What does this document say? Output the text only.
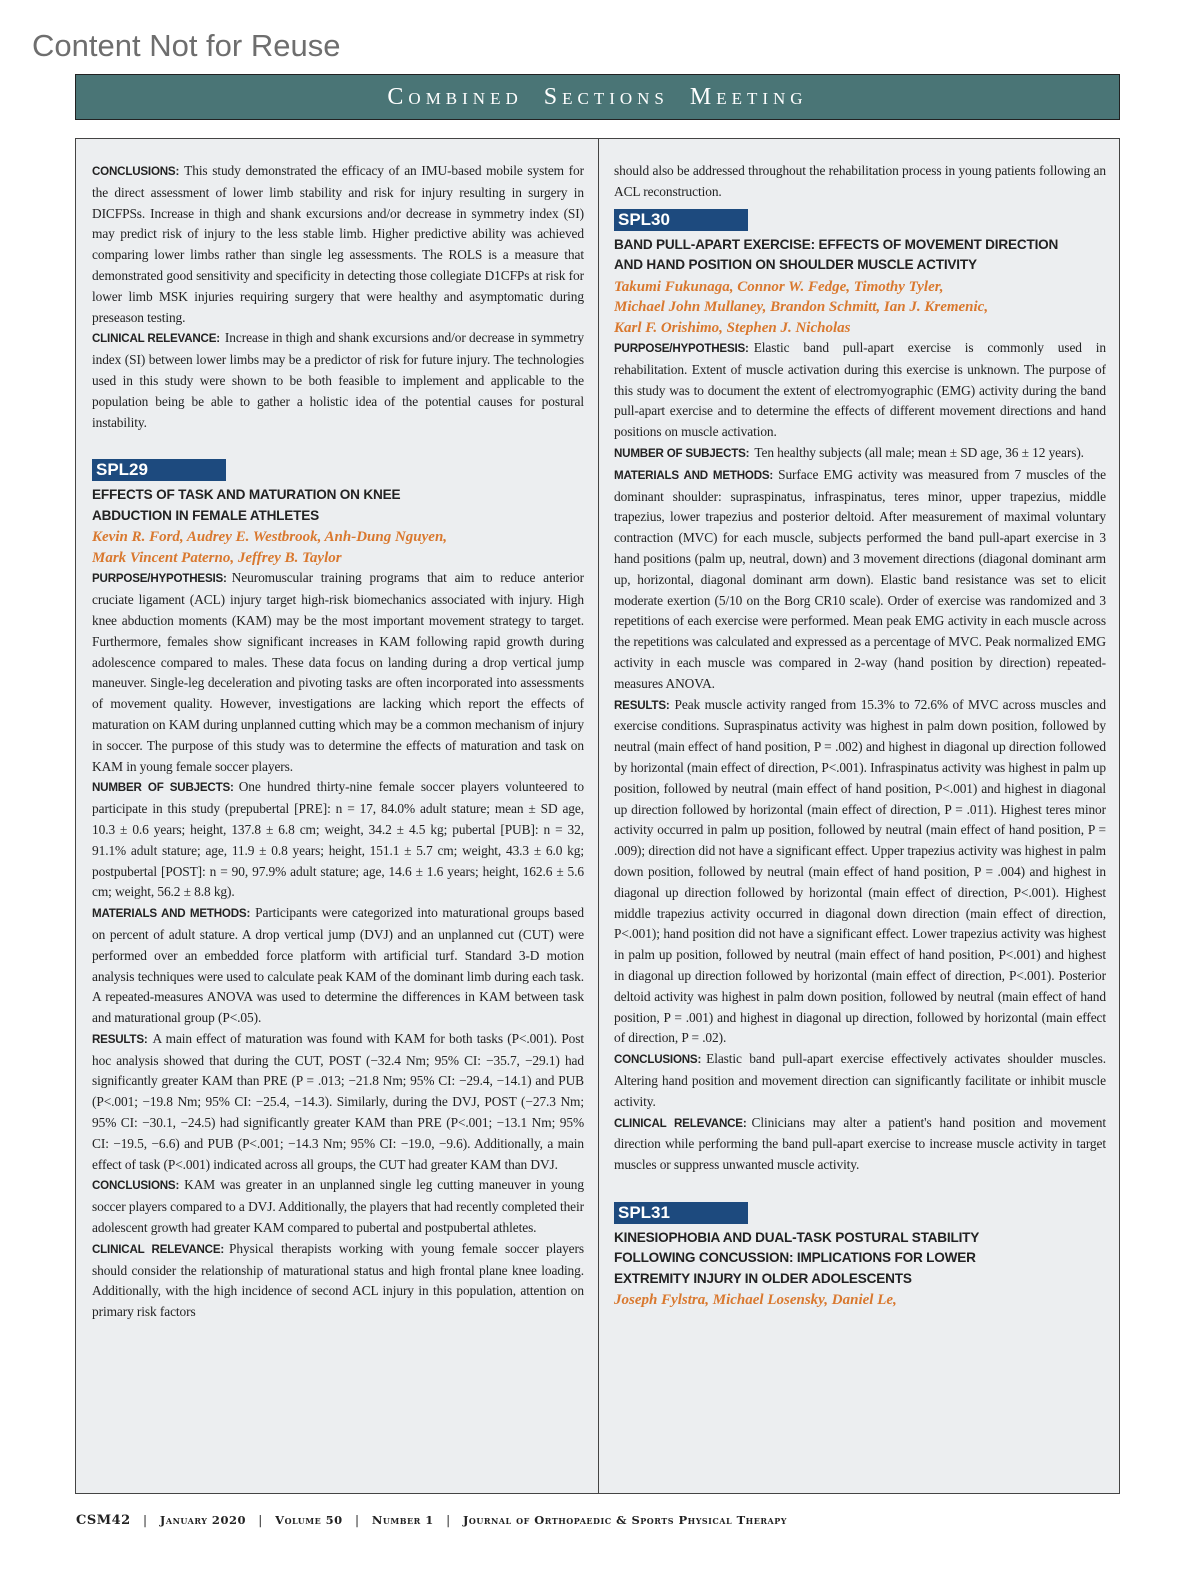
Content Not for Reuse
Combined Sections Meeting

CONCLUSIONS: This study demonstrated the efficacy of an IMU-based mobile system for the direct assessment of lower limb stability and risk for injury resulting in surgery in DICFPSs. Increase in thigh and shank excursions and/or decrease in symmetry index (SI) may predict risk of injury to the less stable limb. Higher predictive ability was achieved comparing lower limbs rather than single leg assessments. The ROLS is a measure that demonstrated good sensitivity and specificity in detecting those collegiate D1CFPs at risk for lower limb MSK injuries requiring surgery that were healthy and asymptomatic during preseason testing.

CLINICAL RELEVANCE: Increase in thigh and shank excursions and/or decrease in symmetry index (SI) between lower limbs may be a predictor of risk for future injury. The technologies used in this study were shown to be both feasible to implement and applicable to the population being be able to gather a holistic idea of the potential causes for postural instability.

SPL29
EFFECTS OF TASK AND MATURATION ON KNEE
ABDUCTION IN FEMALE ATHLETES
Kevin R. Ford, Audrey E. Westbrook, Anh-Dung Nguyen,
Mark Vincent Paterno, Jeffrey B. Taylor

PURPOSE/HYPOTHESIS: Neuromuscular training programs that aim to reduce anterior cruciate ligament (ACL) injury target high-risk biomechanics associated with injury. High knee abduction moments (KAM) may be the most important movement strategy to target. Furthermore, females show significant increases in KAM following rapid growth during adolescence compared to males. These data focus on landing during a drop vertical jump maneuver. Single-leg deceleration and pivoting tasks are often incorporated into assessments of movement quality. However, investigations are lacking which report the effects of maturation on KAM during unplanned cutting which may be a common mechanism of injury in soccer. The purpose of this study was to determine the effects of maturation and task on KAM in young female soccer players.

NUMBER OF SUBJECTS: One hundred thirty-nine female soccer players volunteered to participate in this study (prepubertal [PRE]: n = 17, 84.0% adult stature; mean ± SD age, 10.3 ± 0.6 years; height, 137.8 ± 6.8 cm; weight, 34.2 ± 4.5 kg; pubertal [PUB]: n = 32, 91.1% adult stature; age, 11.9 ± 0.8 years; height, 151.1 ± 5.7 cm; weight, 43.3 ± 6.0 kg; postpubertal [POST]: n = 90, 97.9% adult stature; age, 14.6 ± 1.6 years; height, 162.6 ± 5.6 cm; weight, 56.2 ± 8.8 kg).

MATERIALS AND METHODS: Participants were categorized into maturational groups based on percent of adult stature. A drop vertical jump (DVJ) and an unplanned cut (CUT) were performed over an embedded force platform with artificial turf. Standard 3-D motion analysis techniques were used to calculate peak KAM of the dominant limb during each task. A repeated-measures ANOVA was used to determine the differences in KAM between task and maturational group (P<.05).

RESULTS: A main effect of maturation was found with KAM for both tasks (P<.001). Post hoc analysis showed that during the CUT, POST (−32.4 Nm; 95% CI: −35.7, −29.1) had significantly greater KAM than PRE (P = .013; −21.8 Nm; 95% CI: −29.4, −14.1) and PUB (P<.001; −19.8 Nm; 95% CI: −25.4, −14.3). Similarly, during the DVJ, POST (−27.3 Nm; 95% CI: −30.1, −24.5) had significantly greater KAM than PRE (P<.001; −13.1 Nm; 95% CI: −19.5, −6.6) and PUB (P<.001; −14.3 Nm; 95% CI: −19.0, −9.6). Additionally, a main effect of task (P<.001) indicated across all groups, the CUT had greater KAM than DVJ.

CONCLUSIONS: KAM was greater in an unplanned single leg cutting maneuver in young soccer players compared to a DVJ. Additionally, the players that had recently completed their adolescent growth had greater KAM compared to pubertal and postpubertal athletes.

CLINICAL RELEVANCE: Physical therapists working with young female soccer players should consider the relationship of maturational status and high frontal plane knee loading. Additionally, with the high incidence of second ACL injury in this population, attention on primary risk factors

should also be addressed throughout the rehabilitation process in young patients following an ACL reconstruction.

SPL30
BAND PULL-APART EXERCISE: EFFECTS OF MOVEMENT DIRECTION
AND HAND POSITION ON SHOULDER MUSCLE ACTIVITY
Takumi Fukunaga, Connor W. Fedge, Timothy Tyler,
Michael John Mullaney, Brandon Schmitt, Ian J. Kremenic,
Karl F. Orishimo, Stephen J. Nicholas

PURPOSE/HYPOTHESIS: Elastic band pull-apart exercise is commonly used in rehabilitation. Extent of muscle activation during this exercise is unknown. The purpose of this study was to document the extent of electromyographic (EMG) activity during the band pull-apart exercise and to determine the effects of different movement directions and hand positions on muscle activation.

NUMBER OF SUBJECTS: Ten healthy subjects (all male; mean ± SD age, 36 ± 12 years).

MATERIALS AND METHODS: Surface EMG activity was measured from 7 muscles of the dominant shoulder: supraspinatus, infraspinatus, teres minor, upper trapezius, middle trapezius, lower trapezius and posterior deltoid. After measurement of maximal voluntary contraction (MVC) for each muscle, subjects performed the band pull-apart exercise in 3 hand positions (palm up, neutral, down) and 3 movement directions (diagonal dominant arm up, horizontal, diagonal dominant arm down). Elastic band resistance was set to elicit moderate exertion (5/10 on the Borg CR10 scale). Order of exercise was randomized and 3 repetitions of each exercise were performed. Mean peak EMG activity in each muscle across the repetitions was calculated and expressed as a percentage of MVC. Peak normalized EMG activity in each muscle was compared in 2-way (hand position by direction) repeated-measures ANOVA.

RESULTS: Peak muscle activity ranged from 15.3% to 72.6% of MVC across muscles and exercise conditions. Supraspinatus activity was highest in palm down position, followed by neutral (main effect of hand position, P = .002) and highest in diagonal up direction followed by horizontal (main effect of direction, P<.001). Infraspinatus activity was highest in palm up position, followed by neutral (main effect of hand position, P<.001) and highest in diagonal up direction followed by horizontal (main effect of direction, P = .011). Highest teres minor activity occurred in palm up position, followed by neutral (main effect of hand position, P = .009); direction did not have a significant effect. Upper trapezius activity was highest in palm down position, followed by neutral (main effect of hand position, P = .004) and highest in diagonal up direction followed by horizontal (main effect of direction, P<.001). Highest middle trapezius activity occurred in diagonal down direction (main effect of direction, P<.001); hand position did not have a significant effect. Lower trapezius activity was highest in palm up position, followed by neutral (main effect of hand position, P<.001) and highest in diagonal up direction followed by horizontal (main effect of direction, P<.001). Posterior deltoid activity was highest in palm down position, followed by neutral (main effect of hand position, P = .001) and highest in diagonal up direction, followed by horizontal (main effect of direction, P = .02).

CONCLUSIONS: Elastic band pull-apart exercise effectively activates shoulder muscles. Altering hand position and movement direction can significantly facilitate or inhibit muscle activity.

CLINICAL RELEVANCE: Clinicians may alter a patient's hand position and movement direction while performing the band pull-apart exercise to increase muscle activity in target muscles or suppress unwanted muscle activity.

SPL31
KINESIOPHOBIA AND DUAL-TASK POSTURAL STABILITY
FOLLOWING CONCUSSION: IMPLICATIONS FOR LOWER
EXTREMITY INJURY IN OLDER ADOLESCENTS
Joseph Fylstra, Michael Losensky, Daniel Le,
CSM42 | January 2020 | Volume 50 | Number 1 | Journal of Orthopaedic & Sports Physical Therapy
